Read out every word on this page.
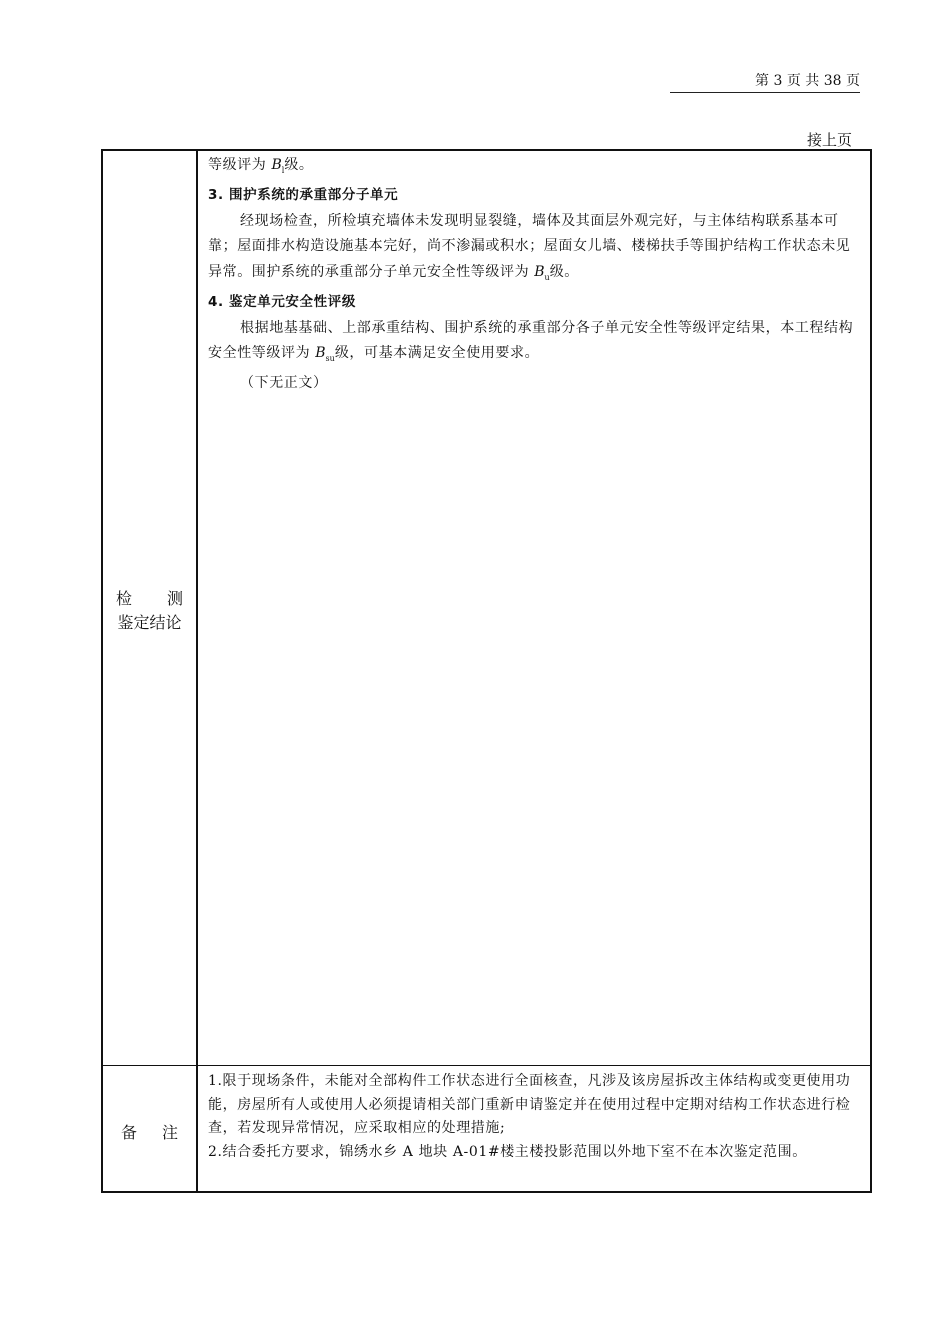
第 3 页 共 38 页
接上页
检 测
鉴定结论

等级评为 $B_l$级。

3. 围护系统的承重部分子单元

经现场检查，所检填充墙体未发现明显裂缝，墙体及其面层外观完好，与主体结构联系基本可靠；屋面排水构造设施基本完好，尚不渗漏或积水；屋面女儿墙、楼梯扶手等围护结构工作状态未见异常。围护系统的承重部分子单元安全性等级评为 $B_u$级。

4. 鉴定单元安全性评级

根据地基基础、上部承重结构、围护系统的承重部分各子单元安全性等级评定结果，本工程结构安全性等级评为 $B_{su}$级，可基本满足安全使用要求。

（下无正文）

备 注

1.限于现场条件，未能对全部构件工作状态进行全面核查，凡涉及该房屋拆改主体结构或变更使用功能，房屋所有人或使用人必须提请相关部门重新申请鉴定并在使用过程中定期对结构工作状态进行检查，若发现异常情况，应采取相应的处理措施;

2.结合委托方要求，锦绣水乡 A 地块 A-01#楼主楼投影范围以外地下室不在本次鉴定范围。
